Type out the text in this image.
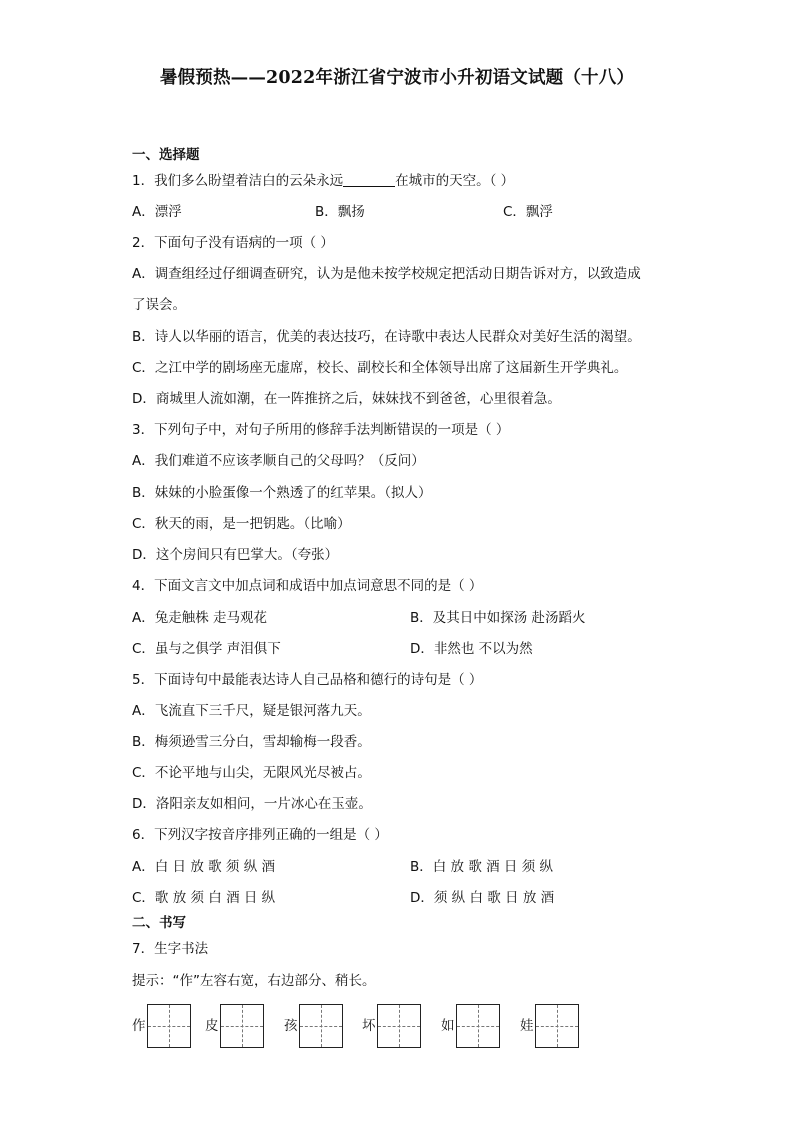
暑假预热——2022年浙江省宁波市小升初语文试题（十八）
一、选择题
1．我们多么盼望着洁白的云朵永远	在城市的天空。（ ）
A．漂浮	B．飘扬	C．飘浮
2．下面句子没有语病的一项（ ）
A．调查组经过仔细调查研究，认为是他未按学校规定把活动日期告诉对方，以致造成
了误会。
B．诗人以华丽的语言，优美的表达技巧，在诗歌中表达人民群众对美好生活的渴望。
C．之江中学的剧场座无虚席，校长、副校长和全体领导出席了这届新生开学典礼。
D．商城里人流如潮，在一阵推挤之后，妹妹找不到爸爸，心里很着急。
3．下列句子中，对句子所用的修辞手法判断错误的一项是（ ）
A．我们难道不应该孝顺自己的父母吗？（反问）
B．妹妹的小脸蛋像一个熟透了的红苹果。（拟人）
C．秋天的雨，是一把钥匙。（比喻）
D．这个房间只有巴掌大。（夸张）
4．下面文言文中加点词和成语中加点词意思不同的是（ ）
A．兔走触株 走马观花	B．及其日中如探汤 赴汤蹈火
C．虽与之俱学 声泪俱下	D．非然也 不以为然
5．下面诗句中最能表达诗人自己品格和德行的诗句是（ ）
A．飞流直下三千尺，疑是银河落九天。
B．梅须逊雪三分白，雪却输梅一段香。
C．不论平地与山尖，无限风光尽被占。
D．洛阳亲友如相问，一片冰心在玉壶。
6．下列汉字按音序排列正确的一组是（ ）
A．白 日 放 歌 须 纵 酒	B．白 放 歌 酒 日 须 纵
C．歌 放 须 白 酒 日 纵	D．须 纵 白 歌 日 放 酒
二、书写
7．生字书法
提示：“作”左容右宽，右边部分、稍长。
作	皮	孩	坏	如	娃
